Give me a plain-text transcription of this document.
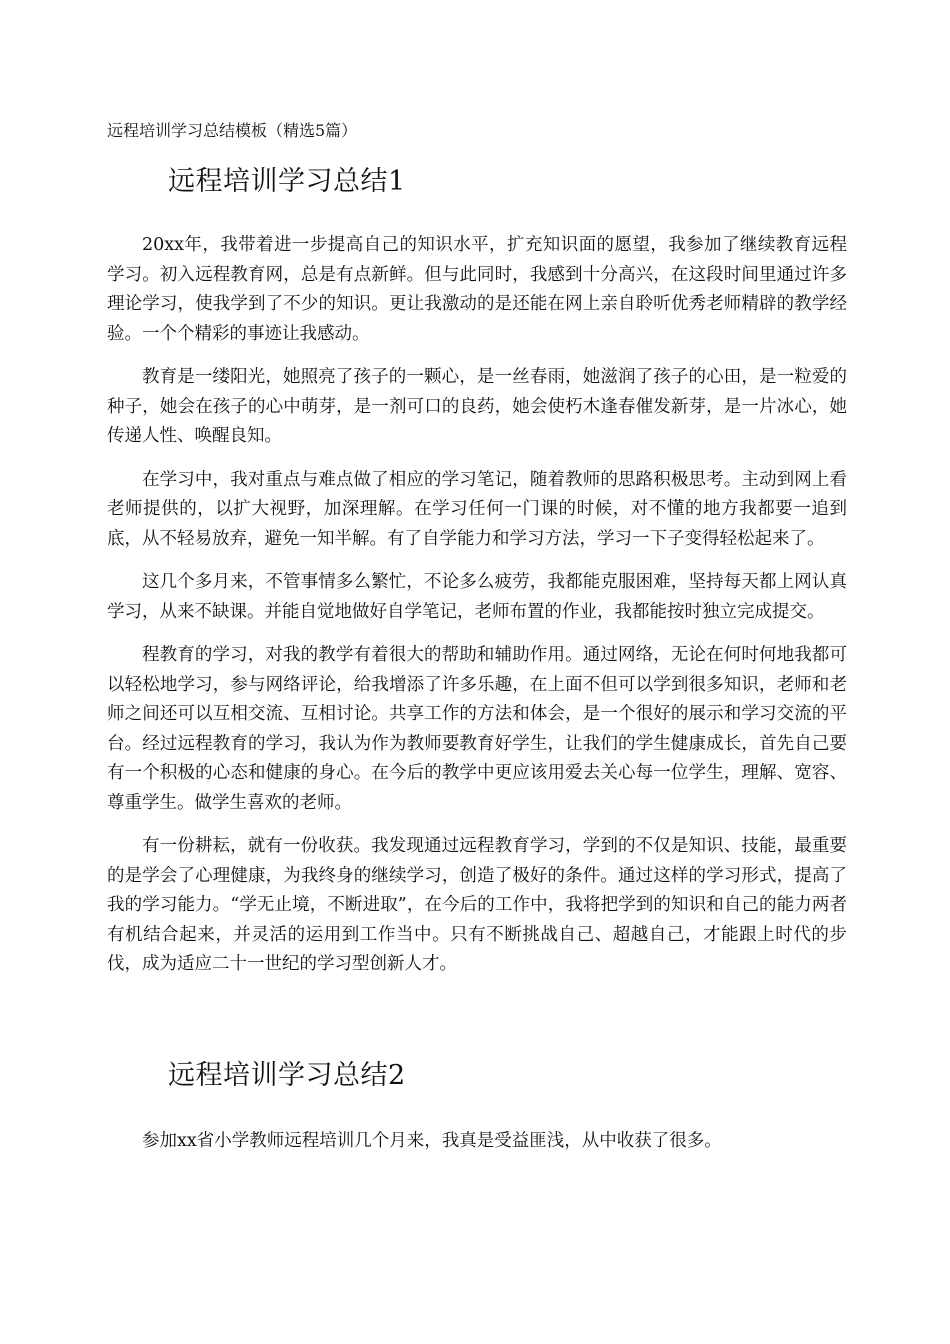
远程培训学习总结模板（精选5篇）
远程培训学习总结1

20xx年，我带着进一步提高自己的知识水平，扩充知识面的愿望，我参加了继续教育远程学习。初入远程教育网，总是有点新鲜。但与此同时，我感到十分高兴，在这段时间里通过许多理论学习，使我学到了不少的知识。更让我激动的是还能在网上亲自聆听优秀老师精辟的教学经验。一个个精彩的事迹让我感动。

教育是一缕阳光，她照亮了孩子的一颗心，是一丝春雨，她滋润了孩子的心田，是一粒爱的种子，她会在孩子的心中萌芽，是一剂可口的良药，她会使朽木逢春催发新芽，是一片冰心，她传递人性、唤醒良知。

在学习中，我对重点与难点做了相应的学习笔记，随着教师的思路积极思考。主动到网上看老师提供的，以扩大视野，加深理解。在学习任何一门课的时候，对不懂的地方我都要一追到底，从不轻易放弃，避免一知半解。有了自学能力和学习方法，学习一下子变得轻松起来了。

这几个多月来，不管事情多么繁忙，不论多么疲劳，我都能克服困难，坚持每天都上网认真学习，从来不缺课。并能自觉地做好自学笔记，老师布置的作业，我都能按时独立完成提交。

程教育的学习，对我的教学有着很大的帮助和辅助作用。通过网络，无论在何时何地我都可以轻松地学习，参与网络评论，给我增添了许多乐趣，在上面不但可以学到很多知识，老师和老师之间还可以互相交流、互相讨论。共享工作的方法和体会，是一个很好的展示和学习交流的平台。经过远程教育的学习，我认为作为教师要教育好学生，让我们的学生健康成长，首先自己要有一个积极的心态和健康的身心。在今后的教学中更应该用爱去关心每一位学生，理解、宽容、尊重学生。做学生喜欢的老师。

有一份耕耘，就有一份收获。我发现通过远程教育学习，学到的不仅是知识、技能，最重要的是学会了心理健康，为我终身的继续学习，创造了极好的条件。通过这样的学习形式，提高了我的学习能力。“学无止境，不断进取”，在今后的工作中，我将把学到的知识和自己的能力两者有机结合起来，并灵活的运用到工作当中。只有不断挑战自己、超越自己，才能跟上时代的步伐，成为适应二十一世纪的学习型创新人才。

远程培训学习总结2

参加xx省小学教师远程培训几个月来，我真是受益匪浅，从中收获了很多。
